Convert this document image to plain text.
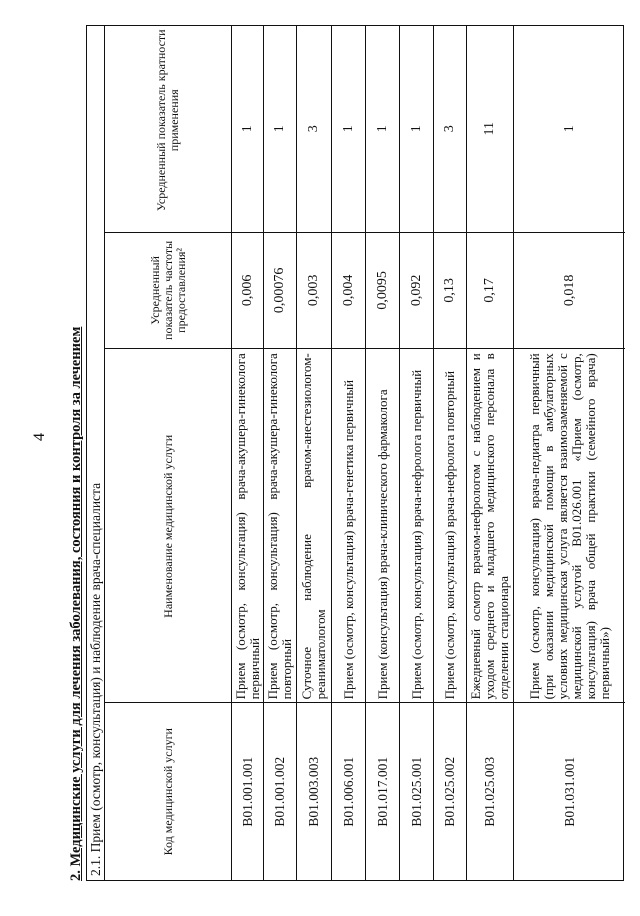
4 2. Медицинские услуги для лечения заболевания, состояния и контроля за лечением 2.1. Прием (осмотр, консультация) и наблюдение врача-специалиста	Код медицинской услуги
Наименование медицинской услуги
Усредненный показатель частоты предоставления²
Усредненный показатель кратности применения
B01.001.001
Прием (осмотр, консультация) врача-акушера-гинеколога первичный
0,006
1
B01.001.002
Прием (осмотр, консультация) врача-акушера-гинеколога повторный
0,00076
1
B01.003.003
Суточное наблюдение врачом-анестезиологом-реаниматологом
0,003
3
B01.006.001
Прием (осмотр, консультация) врача-генетика первичный
0,004
1
B01.017.001
Прием (консультация) врача-клинического фармаколога
0,0095
1
B01.025.001
Прием (осмотр, консультация) врача-нефролога первичный
0,092
1
B01.025.002
Прием (осмотр, консультация) врача-нефролога повторный
0,13
3
B01.025.003
Ежедневный осмотр врачом-нефрологом с наблюдением и уходом среднего и младшего медицинского персонала в отделении стационара
0,17
11
B01.031.001
Прием (осмотр, консультация) врача-педиатра первичный (при оказании медицинской помощи в амбулаторных условиях медицинская услуга является взаимозаменяемой с медицинской услугой B01.026.001 «Прием (осмотр, консультация) врача общей практики (семейного врача) первичный»)
0,018
1
